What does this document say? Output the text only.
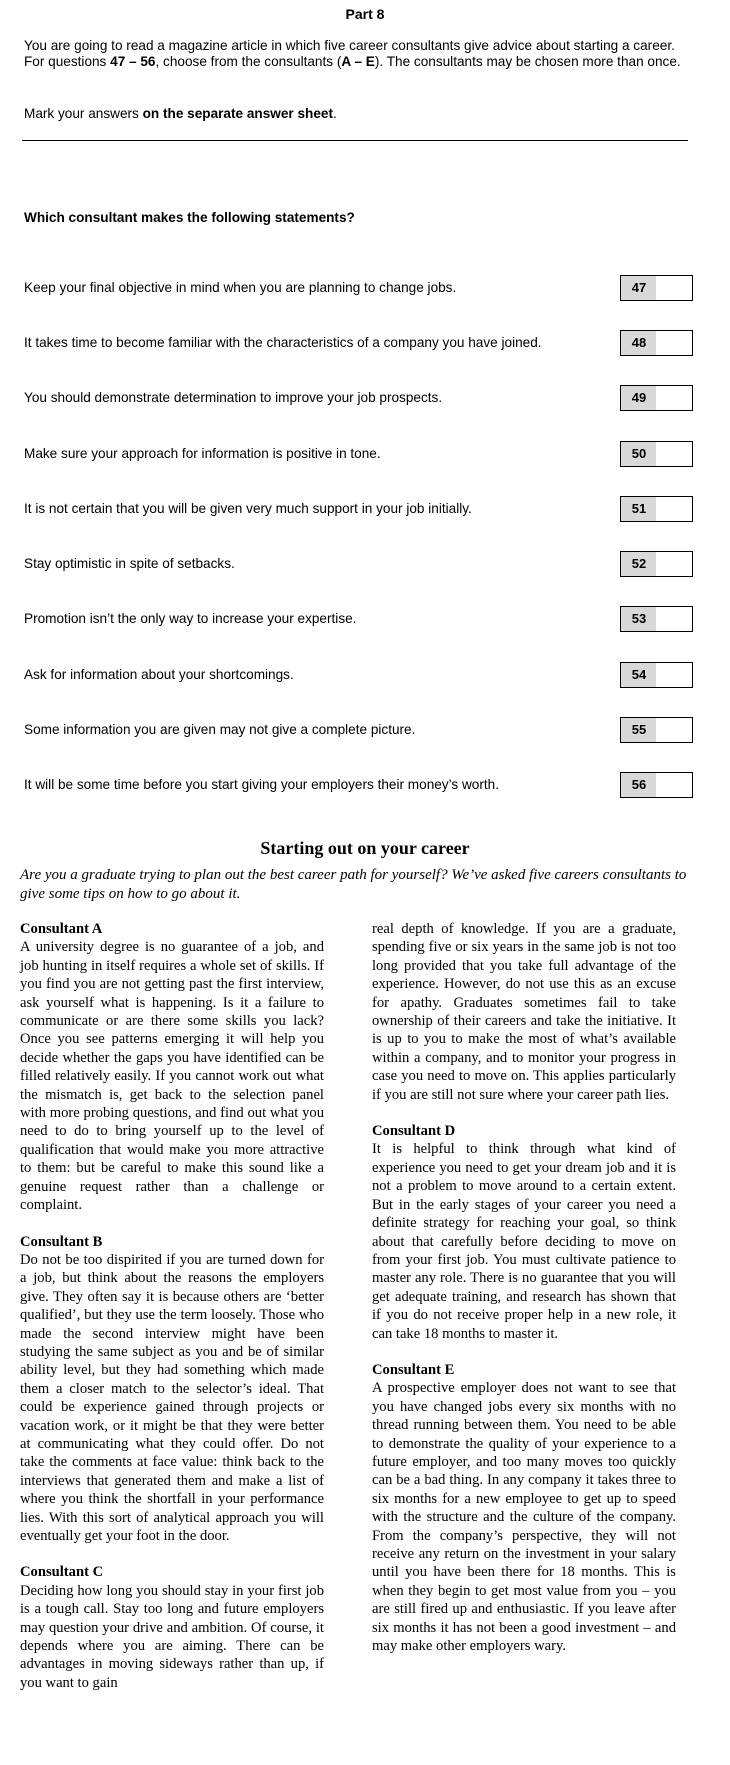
Part 8
You are going to read a magazine article in which five career consultants give advice about starting a career. For questions 47 – 56, choose from the consultants (A – E). The consultants may be chosen more than once.
Mark your answers on the separate answer sheet.
Which consultant makes the following statements?
Keep your final objective in mind when you are planning to change jobs.	47
It takes time to become familiar with the characteristics of a company you have joined.	48
You should demonstrate determination to improve your job prospects.	49
Make sure your approach for information is positive in tone.	50
It is not certain that you will be given very much support in your job initially.	51
Stay optimistic in spite of setbacks.	52
Promotion isn’t the only way to increase your expertise.	53
Ask for information about your shortcomings.	54
Some information you are given may not give a complete picture.	55
It will be some time before you start giving your employers their money’s worth.	56
Starting out on your career
Are you a graduate trying to plan out the best career path for yourself? We’ve asked five careers consultants to give some tips on how to go about it.
Consultant A

A university degree is no guarantee of a job, and job hunting in itself requires a whole set of skills. If you find you are not getting past the first interview, ask yourself what is happening. Is it a failure to communicate or are there some skills you lack? Once you see patterns emerging it will help you decide whether the gaps you have identified can be filled relatively easily. If you cannot work out what the mismatch is, get back to the selection panel with more probing questions, and find out what you need to do to bring yourself up to the level of qualification that would make you more attractive to them: but be careful to make this sound like a genuine request rather than a challenge or complaint.

Consultant B

Do not be too dispirited if you are turned down for a job, but think about the reasons the employers give. They often say it is because others are ‘better qualified’, but they use the term loosely. Those who made the second interview might have been studying the same subject as you and be of similar ability level, but they had something which made them a closer match to the selector’s ideal. That could be experience gained through projects or vacation work, or it might be that they were better at communicating what they could offer. Do not take the comments at face value: think back to the interviews that generated them and make a list of where you think the shortfall in your performance lies. With this sort of analytical approach you will eventually get your foot in the door.

Consultant C

Deciding how long you should stay in your first job is a tough call. Stay too long and future employers may question your drive and ambition. Of course, it depends where you are aiming. There can be advantages in moving sideways rather than up, if you want to gain

real depth of knowledge. If you are a graduate, spending five or six years in the same job is not too long provided that you take full advantage of the experience. However, do not use this as an excuse for apathy. Graduates sometimes fail to take ownership of their careers and take the initiative. It is up to you to make the most of what’s available within a company, and to monitor your progress in case you need to move on. This applies particularly if you are still not sure where your career path lies.

Consultant D

It is helpful to think through what kind of experience you need to get your dream job and it is not a problem to move around to a certain extent. But in the early stages of your career you need a definite strategy for reaching your goal, so think about that carefully before deciding to move on from your first job. You must cultivate patience to master any role. There is no guarantee that you will get adequate training, and research has shown that if you do not receive proper help in a new role, it can take 18 months to master it.

Consultant E

A prospective employer does not want to see that you have changed jobs every six months with no thread running between them. You need to be able to demonstrate the quality of your experience to a future employer, and too many moves too quickly can be a bad thing. In any company it takes three to six months for a new employee to get up to speed with the structure and the culture of the company. From the company’s perspective, they will not receive any return on the investment in your salary until you have been there for 18 months. This is when they begin to get most value from you – you are still fired up and enthusiastic. If you leave after six months it has not been a good investment – and may make other employers wary.
